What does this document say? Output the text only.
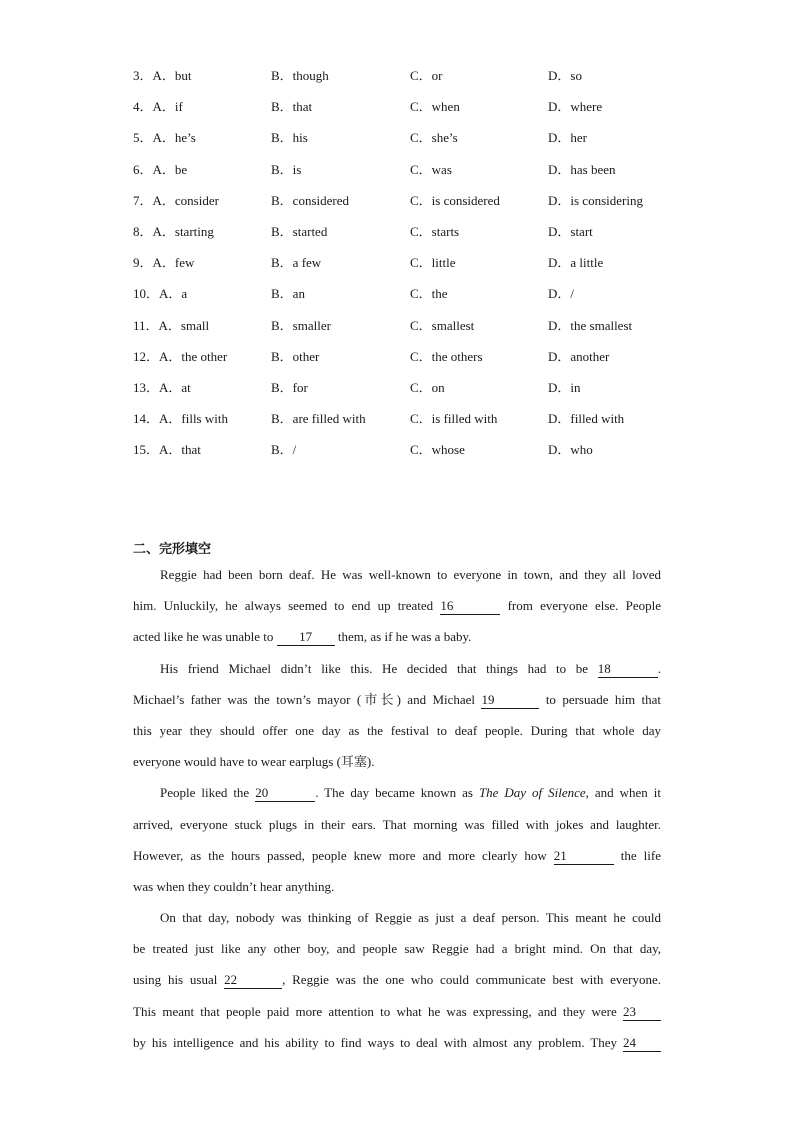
3．A．but	B．though	C．or	D．so
4．A．if	B．that	C．when	D．where
5．A．he’s	B．his	C．she’s	D．her
6．A．be	B．is	C．was	D．has been
7．A．consider	B．considered	C．is considered	D．is considering
8．A．starting	B．started	C．starts	D．start
9．A．few	B．a few	C．little	D．a little
10．A．a	B．an	C．the	D．/
11．A．small	B．smaller	C．smallest	D．the smallest
12．A．the other	B．other	C．the others	D．another
13．A．at	B．for	C．on	D．in
14．A．fills with	B．are filled with	C．is filled with	D．filled with
15．A．that	B．/	C．whose	D．who
二、完形填空
Reggie had been born deaf. He was well-known to everyone in town, and they all loved
him. Unluckily, he always seemed to end up treated 16	from everyone else. People
acted like he was unable to 17 them, as if he was a baby.
His friend Michael didn’t like this. He decided that things had to be 18	.
Michael’s father was the town’s mayor (市长) and Michael 19	to persuade him that
this year they should offer one day as the festival to deaf people. During that whole day
everyone would have to wear earplugs (耳塞).
People liked the 20	. The day became known as The Day of Silence, and when it
arrived, everyone stuck plugs in their ears. That morning was filled with jokes and laughter.
However, as the hours passed, people knew more and more clearly how 21	the life
was when they couldn’t hear anything.
On that day, nobody was thinking of Reggie as just a deaf person. This meant he could
be treated just like any other boy, and people saw Reggie had a bright mind. On that day,
using his usual 22	, Reggie was the one who could communicate best with everyone.
This meant that people paid more attention to what he was expressing, and they were 23
by his intelligence and his ability to find ways to deal with almost any problem. They 24
